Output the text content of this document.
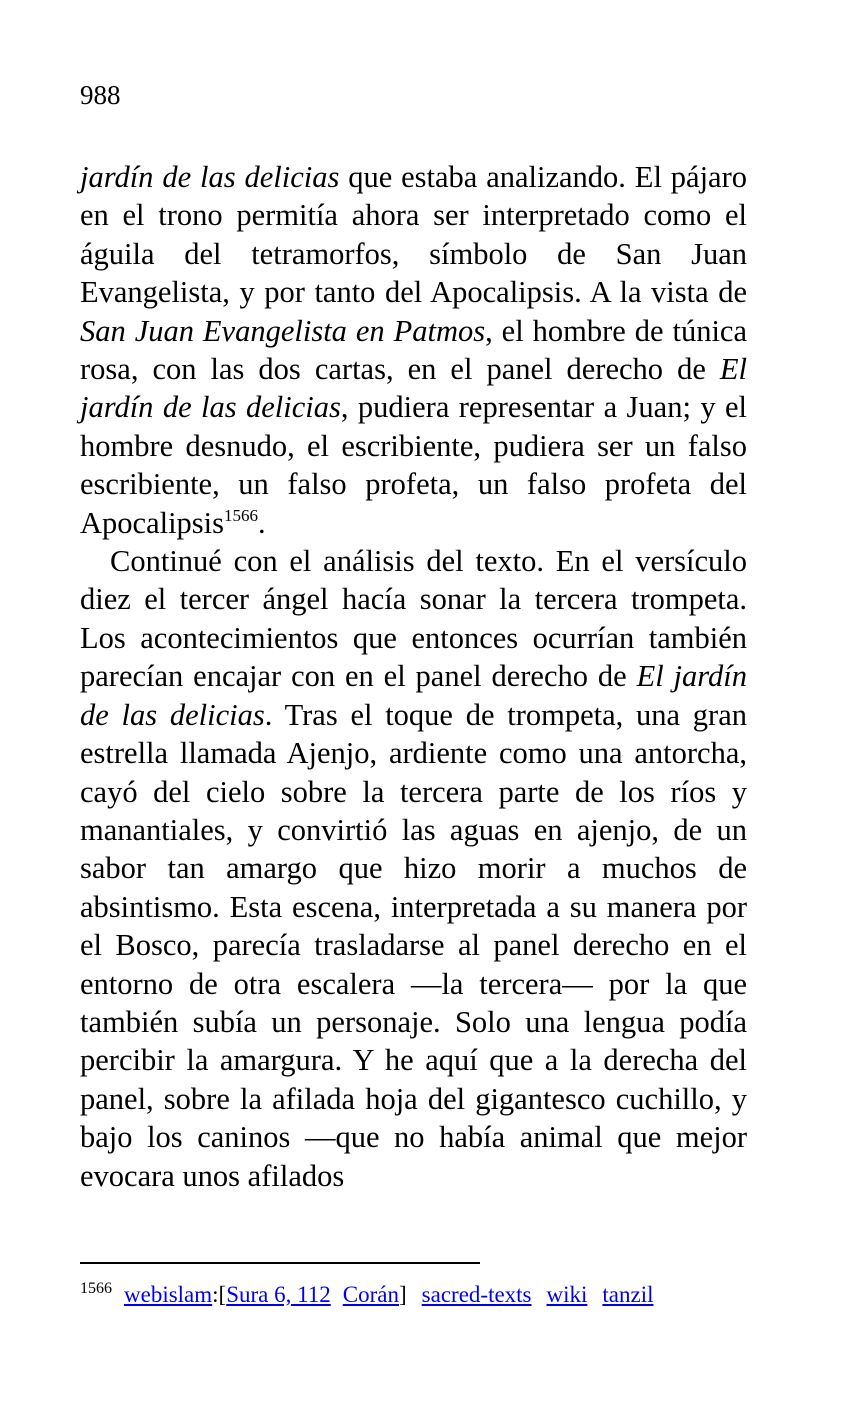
988

jardín de las delicias que estaba analizando. El pájaro en el trono permitía ahora ser interpretado como el águila del tetramorfos, símbolo de San Juan Evangelista, y por tanto del Apocalipsis. A la vista de San Juan Evangelista en Patmos, el hombre de túnica rosa, con las dos cartas, en el panel derecho de El jardín de las delicias, pudiera representar a Juan; y el hombre desnudo, el escribiente, pudiera ser un falso escribiente, un falso profeta, un falso profeta del Apocalipsis$^{1566}$.

Continué con el análisis del texto. En el versículo diez el tercer ángel hacía sonar la tercera trompeta. Los acontecimientos que entonces ocurrían también parecían encajar con en el panel derecho de El jardín de las delicias. Tras el toque de trompeta, una gran estrella llamada Ajenjo, ardiente como una antorcha, cayó del cielo sobre la tercera parte de los ríos y manantiales, y convirtió las aguas en ajenjo, de un sabor tan amargo que hizo morir a muchos de absintismo. Esta escena, interpretada a su manera por el Bosco, parecía trasladarse al panel derecho en el entorno de otra escalera —la tercera— por la que también subía un personaje. Solo una lengua podía percibir la amargura. Y he aquí que a la derecha del panel, sobre la afilada hoja del gigantesco cuchillo, y bajo los caninos —que no había animal que mejor evocara unos afilados

$^{1566}$ webislam:[Sura 6, 112 Corán] sacred-texts wiki tanzil
